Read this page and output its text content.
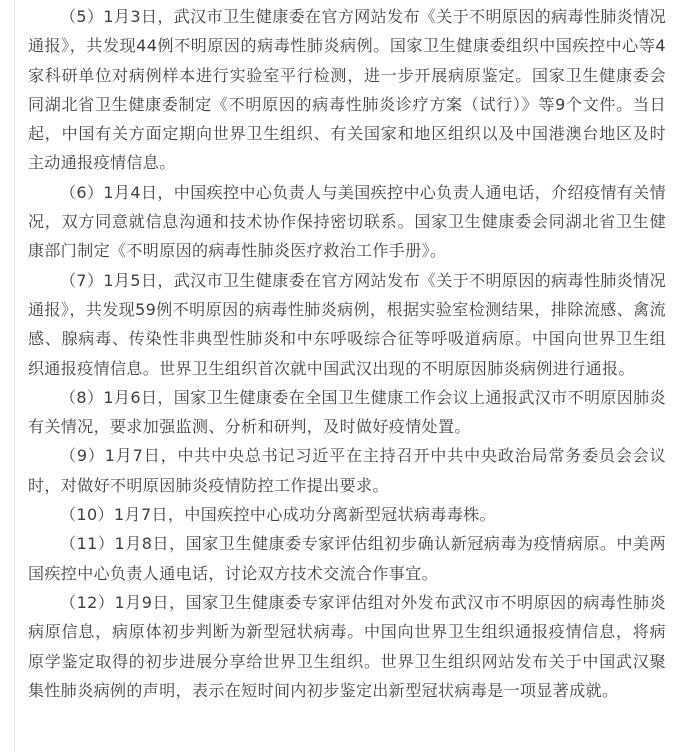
（5）1月3日，武汉市卫生健康委在官方网站发布《关于不明原因的病毒性肺炎情况通报》，共发现44例不明原因的病毒性肺炎病例。国家卫生健康委组织中国疾控中心等4家科研单位对病例样本进行实验室平行检测，进一步开展病原鉴定。国家卫生健康委会同湖北省卫生健康委制定《不明原因的病毒性肺炎诊疗方案（试行）》等9个文件。当日起，中国有关方面定期向世界卫生组织、有关国家和地区组织以及中国港澳台地区及时主动通报疫情信息。

（6）1月4日，中国疾控中心负责人与美国疾控中心负责人通电话，介绍疫情有关情况，双方同意就信息沟通和技术协作保持密切联系。国家卫生健康委会同湖北省卫生健康部门制定《不明原因的病毒性肺炎医疗救治工作手册》。

（7）1月5日，武汉市卫生健康委在官方网站发布《关于不明原因的病毒性肺炎情况通报》，共发现59例不明原因的病毒性肺炎病例，根据实验室检测结果，排除流感、禽流感、腺病毒、传染性非典型性肺炎和中东呼吸综合征等呼吸道病原。中国向世界卫生组织通报疫情信息。世界卫生组织首次就中国武汉出现的不明原因肺炎病例进行通报。

（8）1月6日，国家卫生健康委在全国卫生健康工作会议上通报武汉市不明原因肺炎有关情况，要求加强监测、分析和研判，及时做好疫情处置。

（9）1月7日，中共中央总书记习近平在主持召开中共中央政治局常务委员会会议时，对做好不明原因肺炎疫情防控工作提出要求。

（10）1月7日，中国疾控中心成功分离新型冠状病毒毒株。

（11）1月8日，国家卫生健康委专家评估组初步确认新冠病毒为疫情病原。中美两国疾控中心负责人通电话，讨论双方技术交流合作事宜。

（12）1月9日，国家卫生健康委专家评估组对外发布武汉市不明原因的病毒性肺炎病原信息，病原体初步判断为新型冠状病毒。中国向世界卫生组织通报疫情信息，将病原学鉴定取得的初步进展分享给世界卫生组织。世界卫生组织网站发布关于中国武汉聚集性肺炎病例的声明，表示在短时间内初步鉴定出新型冠状病毒是一项显著成就。
